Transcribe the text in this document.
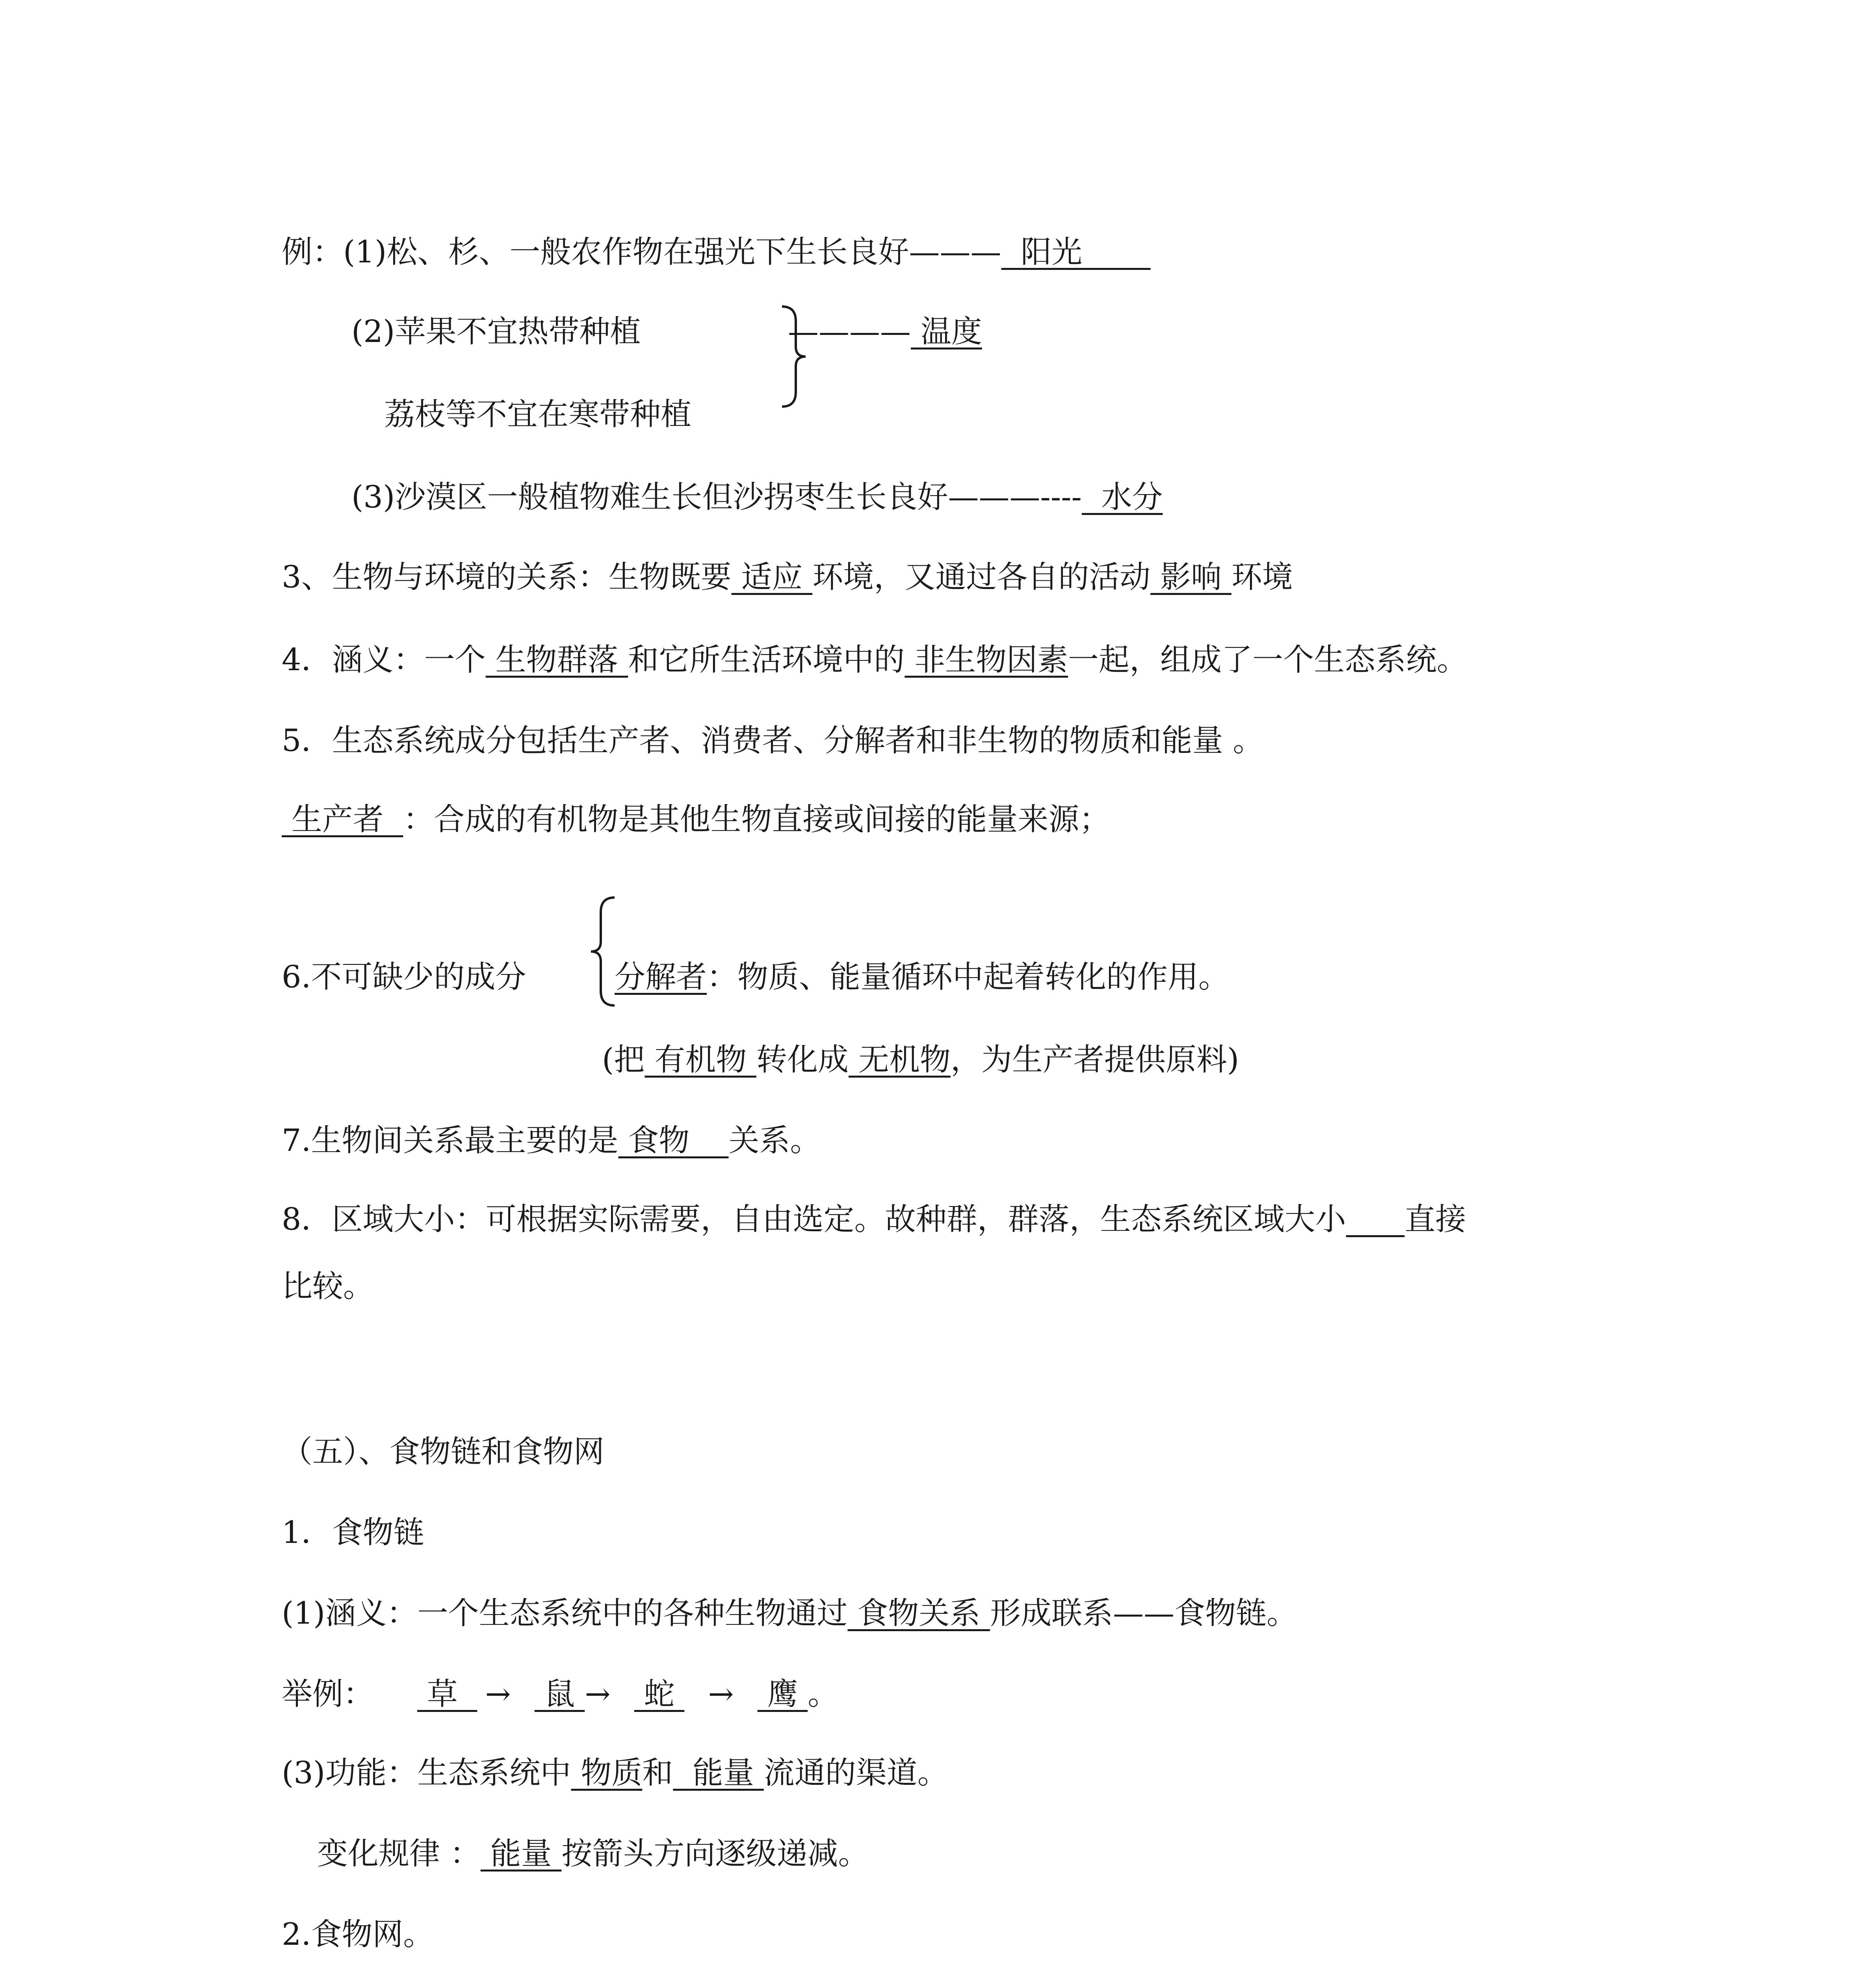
例：(1)松、杉、一般农作物在强光下生长良好———  阳光
(2)苹果不宜热带种植
荔枝等不宜在寒带种植
———— 温度
(3)沙漠区一般植物难生长但沙拐枣生长良好———----  水分
3、生物与环境的关系：生物既要 适应 环境，又通过各自的活动 影响 环境
4．涵义：一个 生物群落 和它所生活环境中的 非生物因素一起，组成了一个生态系统。
5．生态系统成分包括生产者、消费者、分解者和非生物的物质和能量 。
生产者  ：合成的有机物是其他生物直接或间接的能量来源；
6.不可缺少的成分	分解者：物质、能量循环中起着转化的作用。
(把 有机物 转化成 无机物，为生产者提供原料)
7.生物间关系最主要的是 食物    关系。
8．区域大小：可根据实际需要，自由选定。故种群，群落，生态系统区域大小 直接
比较。
（五）、食物链和食物网
1．食物链
(1)涵义：一个生态系统中的各种生物通过 食物关系 形成联系——食物链。
举例： 草  → 鼠 → 蛇 → 鹰 。
(3)功能：生态系统中 物质和  能量 流通的渠道。
变化规律 ： 能量 按箭头方向逐级递减。
2.食物网。
